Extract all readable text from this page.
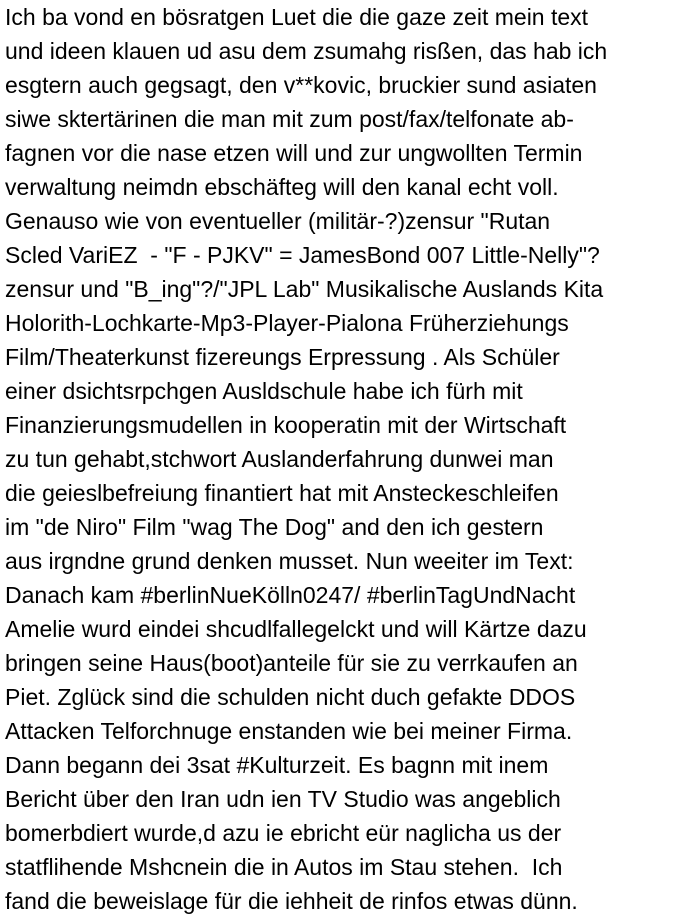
Ich ba vond en bösratgen Luet die die gaze zeit mein text
und ideen klauen ud asu dem zsumahg risßen, das hab ich
esgtern auch gegsagt, den v**kovic, bruckier sund asiaten
siwe sktertärinen die man mit zum post/fax/telfonate ab-
fagnen vor die nase etzen will und zur ungwollten Termin
verwaltung neimdn ebschäfteg will den kanal echt voll.
Genauso wie von eventueller (militär-?)zensur "Rutan
Scled VariEZ  - "F - PJKV" = JamesBond 007 Little-Nelly"?
zensur und "B_ing"?/"JPL Lab" Musikalische Auslands Kita
Holorith-Lochkarte-Mp3-Player-Pialona Früherziehungs
Film/Theaterkunst fizereungs Erpressung . Als Schüler
einer dsichtsrpchgen Ausldschule habe ich fürh mit
Finanzierungsmudellen in kooperatin mit der Wirtschaft
zu tun gehabt,stchwort Auslanderfahrung dunwei man
die geieslbefreiung finantiert hat mit Ansteckeschleifen
im "de Niro" Film "wag The Dog" and den ich gestern
aus irgndne grund denken musset. Nun weeiter im Text:
Danach kam #berlinNueKölln0247/ #berlinTagUndNacht
Amelie wurd eindei shcudlfallegelckt und will Kärtze dazu
bringen seine Haus(boot)anteile für sie zu verrkaufen an
Piet. Zglück sind die schulden nicht duch gefakte DDOS
Attacken Telforchnuge enstanden wie bei meiner Firma.
Dann begann dei 3sat #Kulturzeit. Es bagnn mit inem
Bericht über den Iran udn ien TV Studio was angeblich
bomerbdiert wurde,d azu ie ebricht eür naglicha us der
statflihende Mshcnein die in Autos im Stau stehen.  Ich
fand die beweislage für die iehheit de rinfos etwas dünn.
